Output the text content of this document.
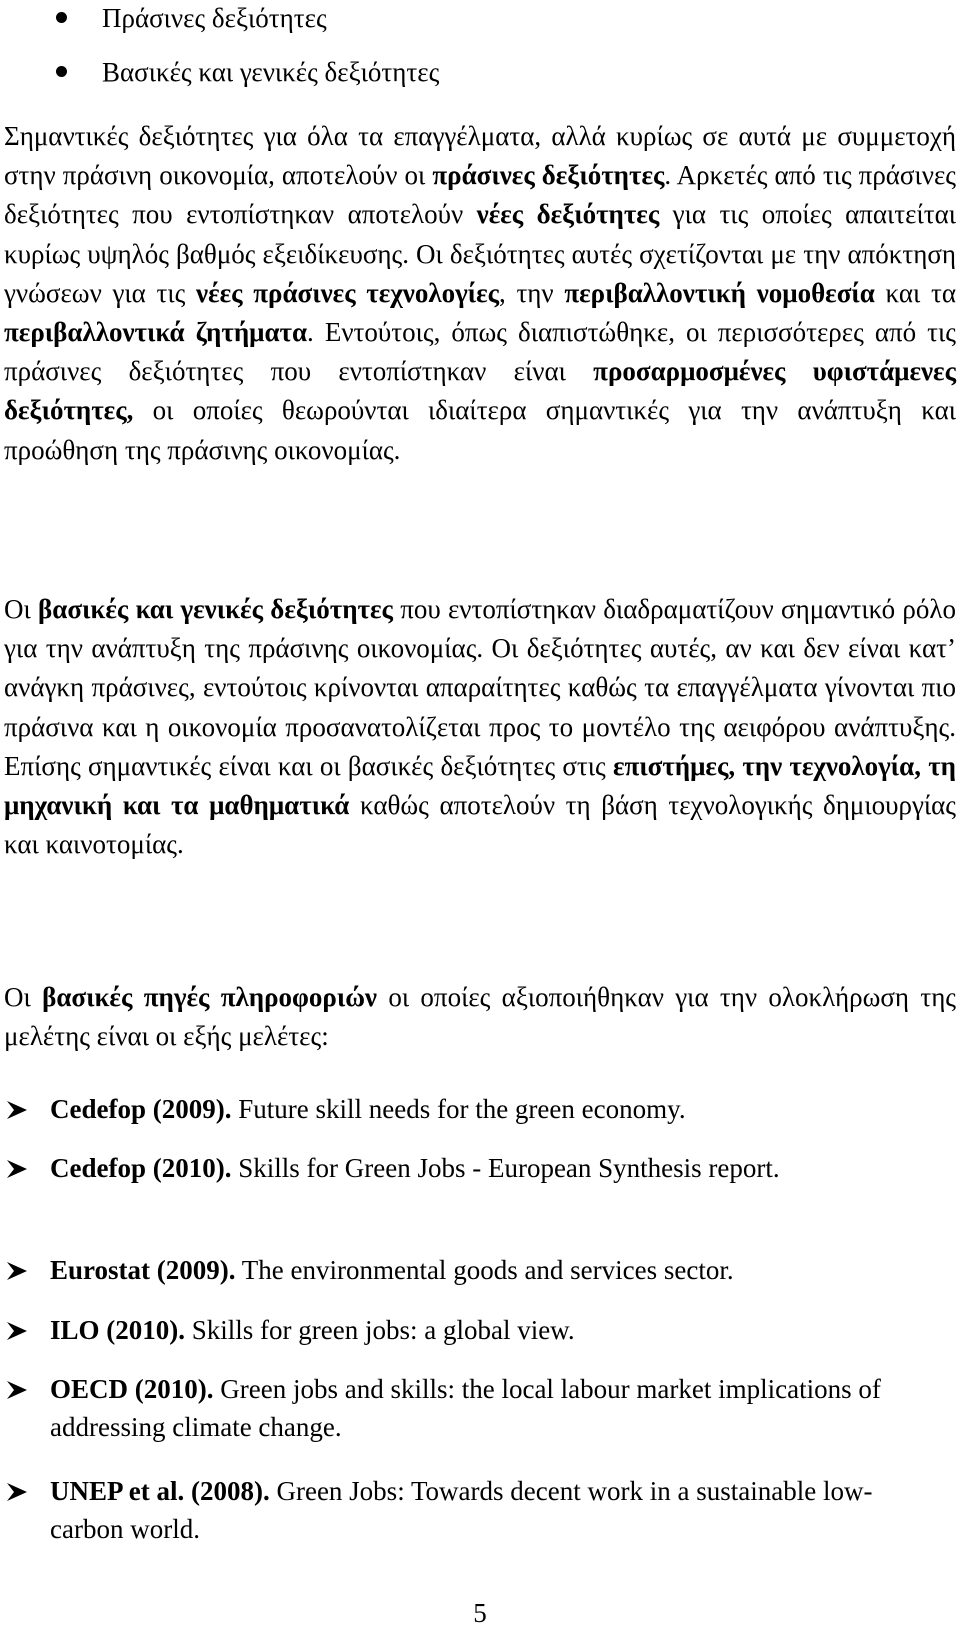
Πράσινες δεξιότητες
Βασικές και γενικές δεξιότητες

Σημαντικές δεξιότητες για όλα τα επαγγέλματα, αλλά κυρίως σε αυτά με συμμετοχή στην πράσινη οικονομία, αποτελούν οι πράσινες δεξιότητες. Αρκετές από τις πράσινες δεξιότητες που εντοπίστηκαν αποτελούν νέες δεξιότητες για τις οποίες απαιτείται κυρίως υψηλός βαθμός εξειδίκευσης. Οι δεξιότητες αυτές σχετίζονται με την απόκτηση γνώσεων για τις νέες πράσινες τεχνολογίες, την περιβαλλοντική νομοθεσία και τα περιβαλλοντικά ζητήματα. Εντούτοις, όπως διαπιστώθηκε, οι περισσότερες από τις πράσινες δεξιότητες που εντοπίστηκαν είναι προσαρμοσμένες υφιστάμενες δεξιότητες, οι οποίες θεωρούνται ιδιαίτερα σημαντικές για την ανάπτυξη και προώθηση της πράσινης οικονομίας.

Οι βασικές και γενικές δεξιότητες που εντοπίστηκαν διαδραματίζουν σημαντικό ρόλο για την ανάπτυξη της πράσινης οικονομίας. Οι δεξιότητες αυτές, αν και δεν είναι κατ’ ανάγκη πράσινες, εντούτοις κρίνονται απαραίτητες καθώς τα επαγγέλματα γίνονται πιο πράσινα και η οικονομία προσανατολίζεται προς το μοντέλο της αειφόρου ανάπτυξης. Επίσης σημαντικές είναι και οι βασικές δεξιότητες στις επιστήμες, την τεχνολογία, τη μηχανική και τα μαθηματικά καθώς αποτελούν τη βάση τεχνολογικής δημιουργίας και καινοτομίας.

Οι βασικές πηγές πληροφοριών οι οποίες αξιοποιήθηκαν για την ολοκλήρωση της μελέτης είναι οι εξής μελέτες:

Cedefop (2009). Future skill needs for the green economy.
Cedefop (2010). Skills for Green Jobs - European Synthesis report.
Eurostat (2009). The environmental goods and services sector.
ILO (2010). Skills for green jobs: a global view.
OECD (2010). Green jobs and skills: the local labour market implications of addressing climate change.
UNEP et al. (2008). Green Jobs: Towards decent work in a sustainable low-carbon world.
5
